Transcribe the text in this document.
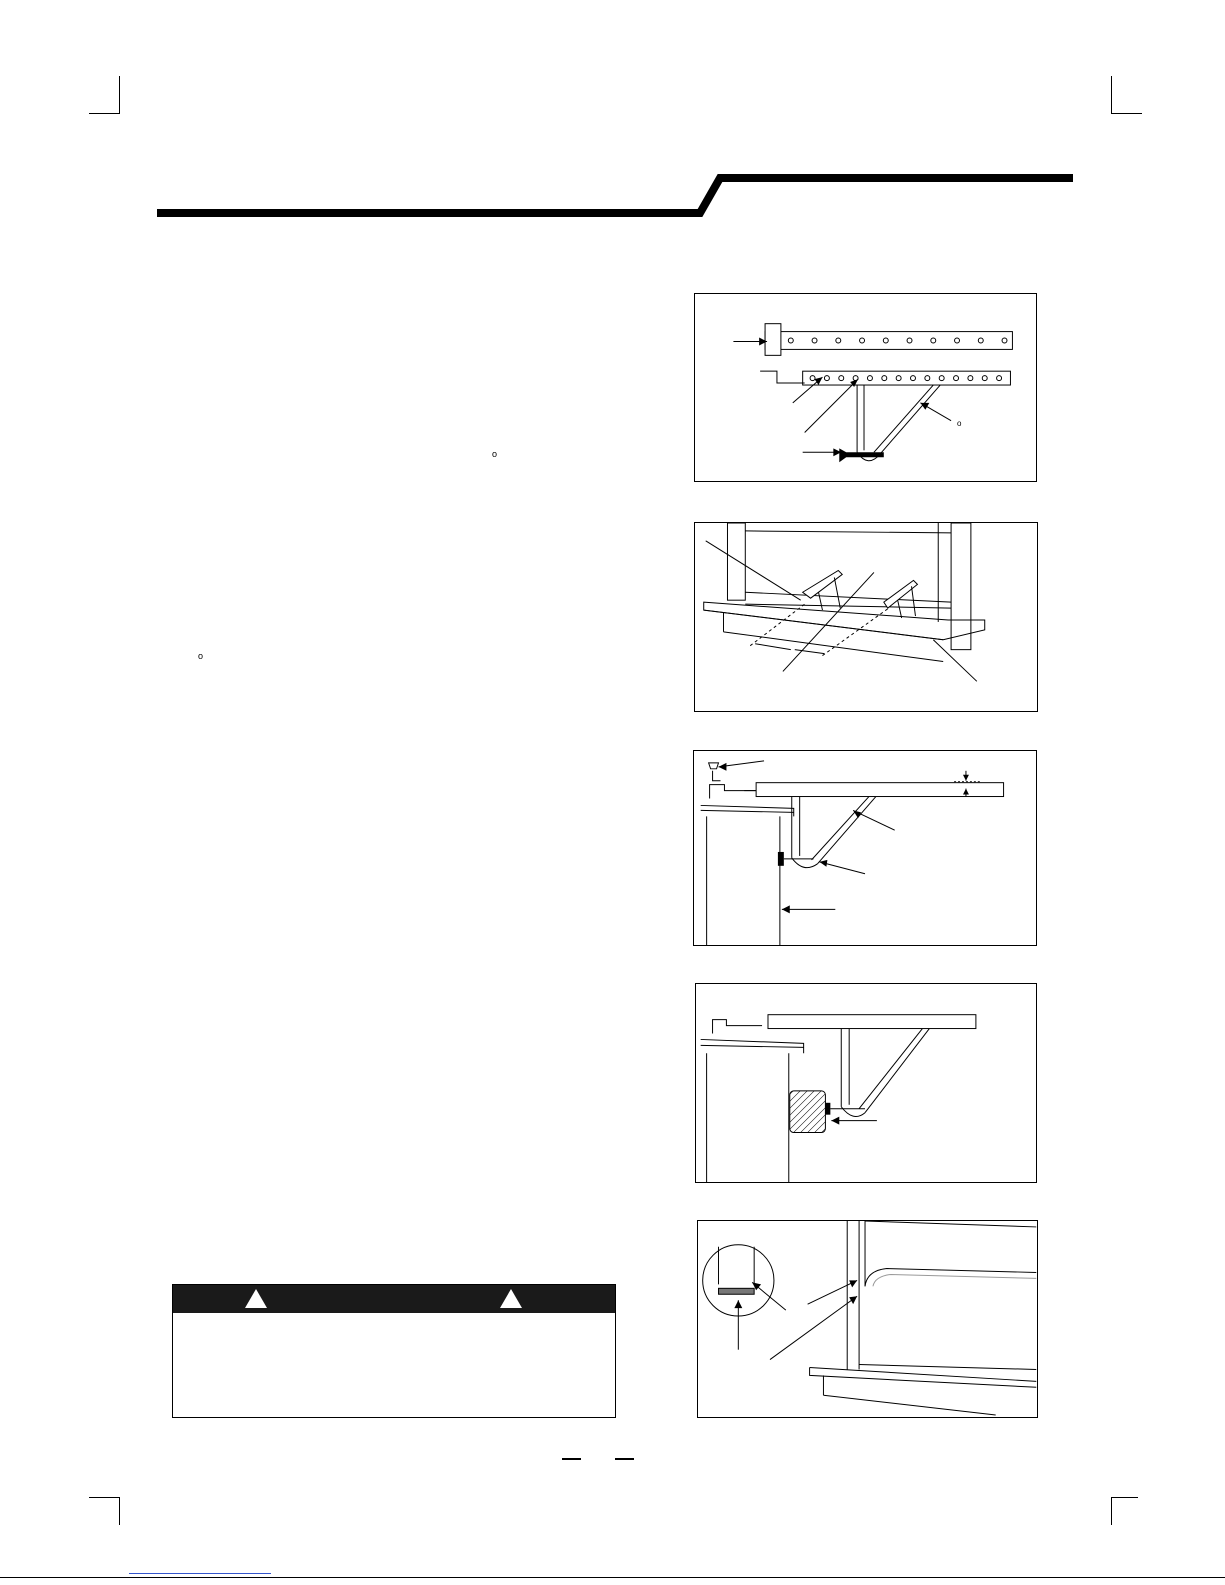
o
o
o
